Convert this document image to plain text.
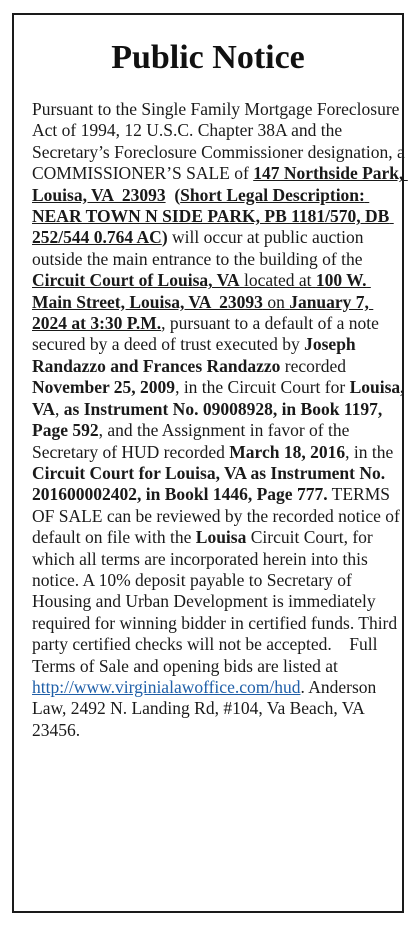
Public Notice

Pursuant to the Single Family Mortgage Foreclosure Act of 1994, 12 U.S.C. Chapter 38A and the Secretary’s Foreclosure Commissioner designation, a COMMISSIONER’S SALE of 147 Northside Park, Louisa, VA  23093  (Short Legal Description: NEAR TOWN N SIDE PARK, PB 1181/570, DB 252/544 0.764 AC) will occur at public auction outside the main entrance to the building of the Circuit Court of Louisa, VA located at 100 W. Main Street, Louisa, VA  23093 on January 7, 2024 at 3:30 P.M., pursuant to a default of a note secured by a deed of trust executed by Joseph Randazzo and Frances Randazzo recorded November 25, 2009, in the Circuit Court for Louisa, VA, as Instrument No. 09008928, in Book 1197, Page 592, and the Assignment in favor of the Secretary of HUD recorded March 18, 2016, in the Circuit Court for Louisa, VA as Instrument No. 201600002402, in Bookl 1446, Page 777. TERMS OF SALE can be reviewed by the recorded notice of default on file with the Louisa Circuit Court, for which all terms are incorporated herein into this notice. A 10% deposit payable to Secretary of Housing and Urban Development is immediately required for winning bidder in certified funds. Third party certified checks will not be accepted.    Full Terms of Sale and opening bids are listed at http://www.virginialawoffice.com/hud. Anderson Law, 2492 N. Landing Rd, #104, Va Beach, VA 23456.
